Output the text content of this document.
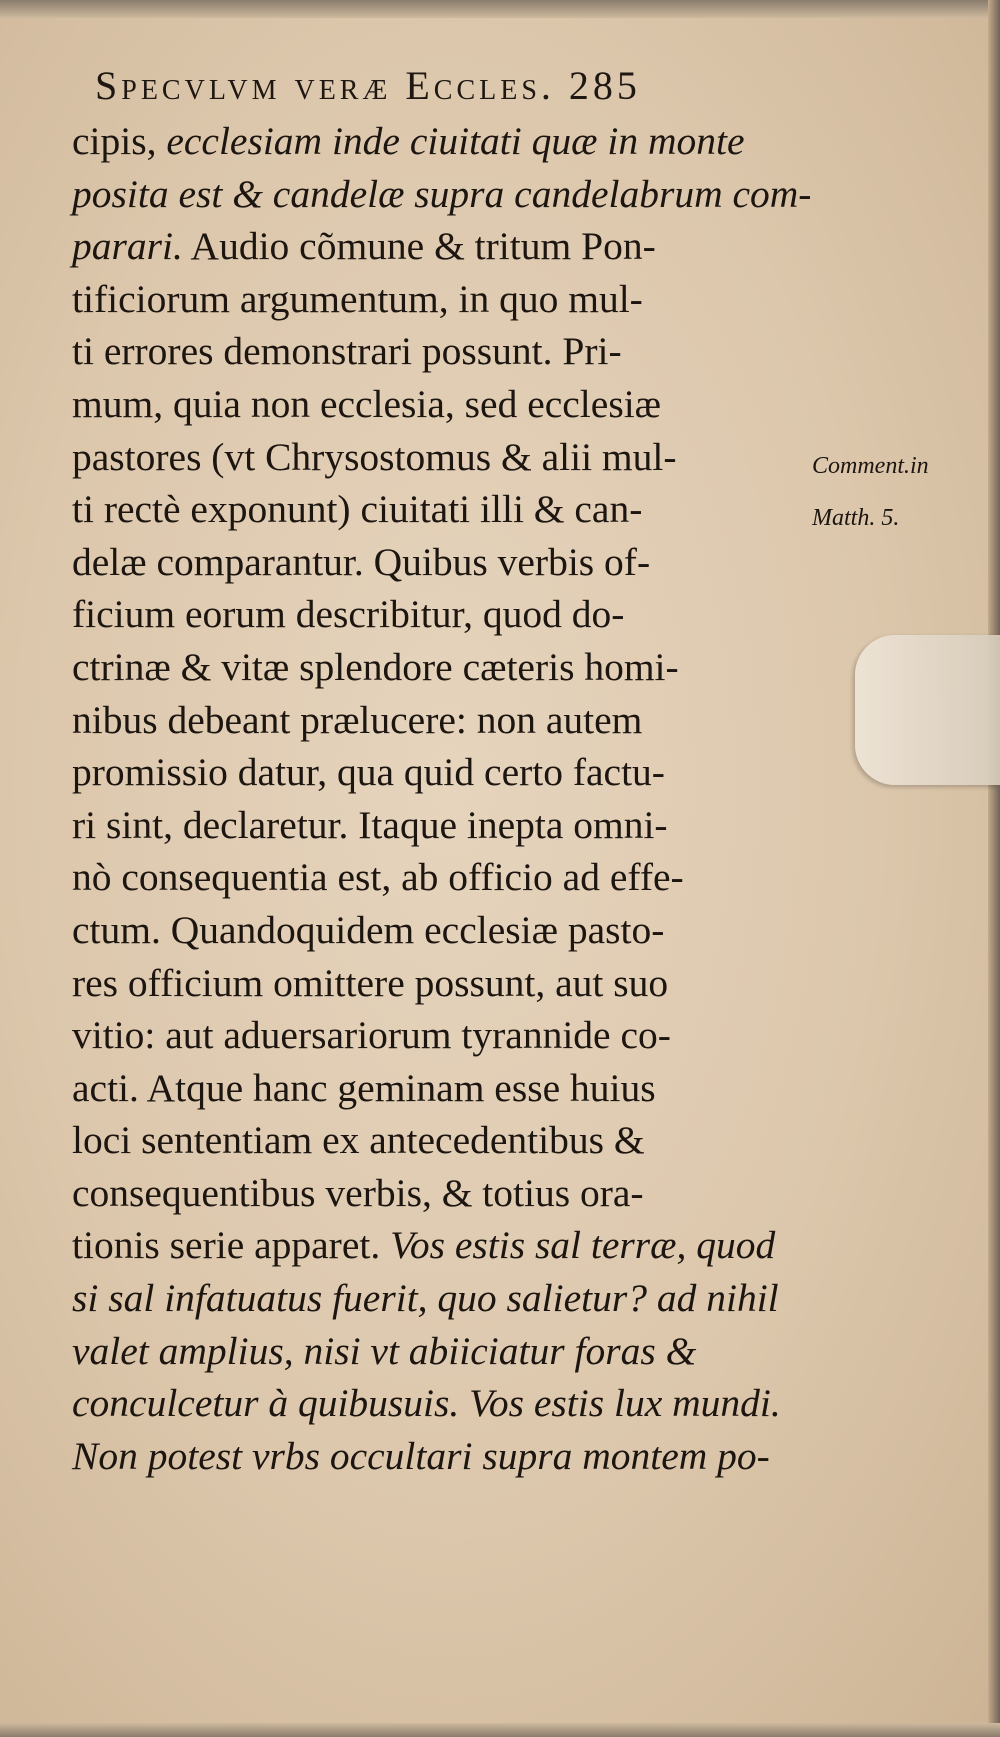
Specvlvm veræ Eccles. 285
cipis, ecclesiam inde ciuitati quæ in monte
posita est & candelæ supra candelabrum com-
parari. Audio cõmune & tritum Pon-
tificiorum argumentum, in quo mul-
ti errores demonstrari possunt. Pri-
mum, quia non ecclesia, sed ecclesiæ
pastores (vt Chrysostomus & alii mul-
ti rectè exponunt) ciuitati illi & can-
delæ comparantur. Quibus verbis of-
ficium eorum describitur, quod do-
ctrinæ & vitæ splendore cæteris homi-
nibus debeant prælucere: non autem
promissio datur, qua quid certo factu-
ri sint, declaretur. Itaque inepta omni-
nò consequentia est, ab officio ad effe-
ctum. Quandoquidem ecclesiæ pasto-
res officium omittere possunt, aut suo
vitio: aut aduersariorum tyrannide co-
acti. Atque hanc geminam esse huius
loci sententiam ex antecedentibus &
consequentibus verbis, & totius ora-
tionis serie apparet. Vos estis sal terræ, quod
si sal infatuatus fuerit, quo salietur? ad nihil
valet amplius, nisi vt abiiciatur foras &
conculcetur à quibusuis. Vos estis lux mundi.
Non potest vrbs occultari supra montem po-
Comment.in
Matth. 5.
